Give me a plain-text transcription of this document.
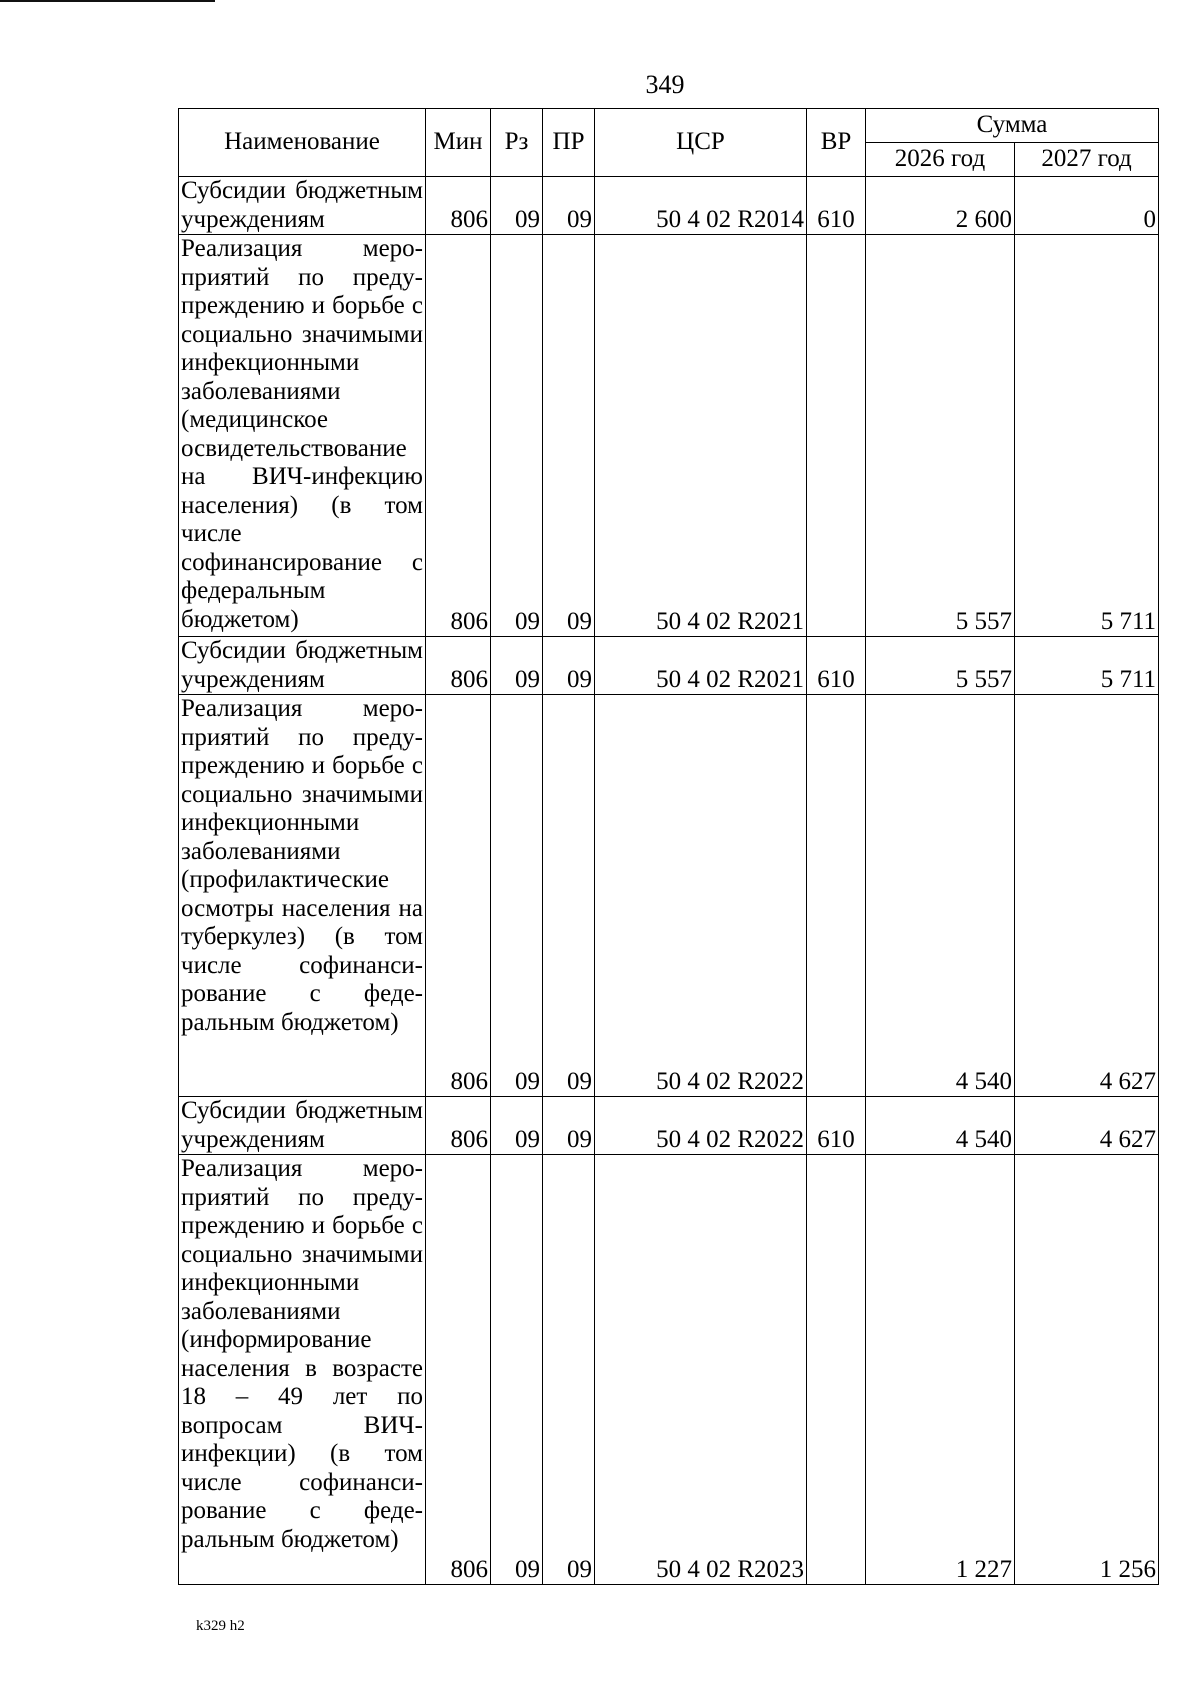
349
Наименование	Мин	Рз	ПР	ЦСР	ВР	Сумма	
						2026 год	2027 год
Субсидии бюджетным учреждениям	806	09	09	50 4 02 R2014	610	2 600	0
Реализация мероприятий по предупреждению и борьбе с социально значимыми инфекционными заболеваниями (медицинское освидетельствование на ВИЧ-инфекцию населения) (в том числе софинансирование с федеральным бюджетом)	806	09	09	50 4 02 R2021		5 557	5 711
Субсидии бюджетным учреждениям	806	09	09	50 4 02 R2021	610	5 557	5 711
Реализация мероприятий по предупреждению и борьбе с социально значимыми инфекционными заболеваниями (профилактические осмотры населения на туберкулез) (в том числе софинансирование с федеральным бюджетом)	806	09	09	50 4 02 R2022		4 540	4 627
Субсидии бюджетным учреждениям	806	09	09	50 4 02 R2022	610	4 540	4 627
Реализация мероприятий по предупреждению и борьбе с социально значимыми инфекционными заболеваниями (информирование населения в возрасте 18 – 49 лет по вопросам ВИЧ-инфекции) (в том числе софинансирование с федеральным бюджетом)	806	09	09	50 4 02 R2023		1 227	1 256
k329 h2
